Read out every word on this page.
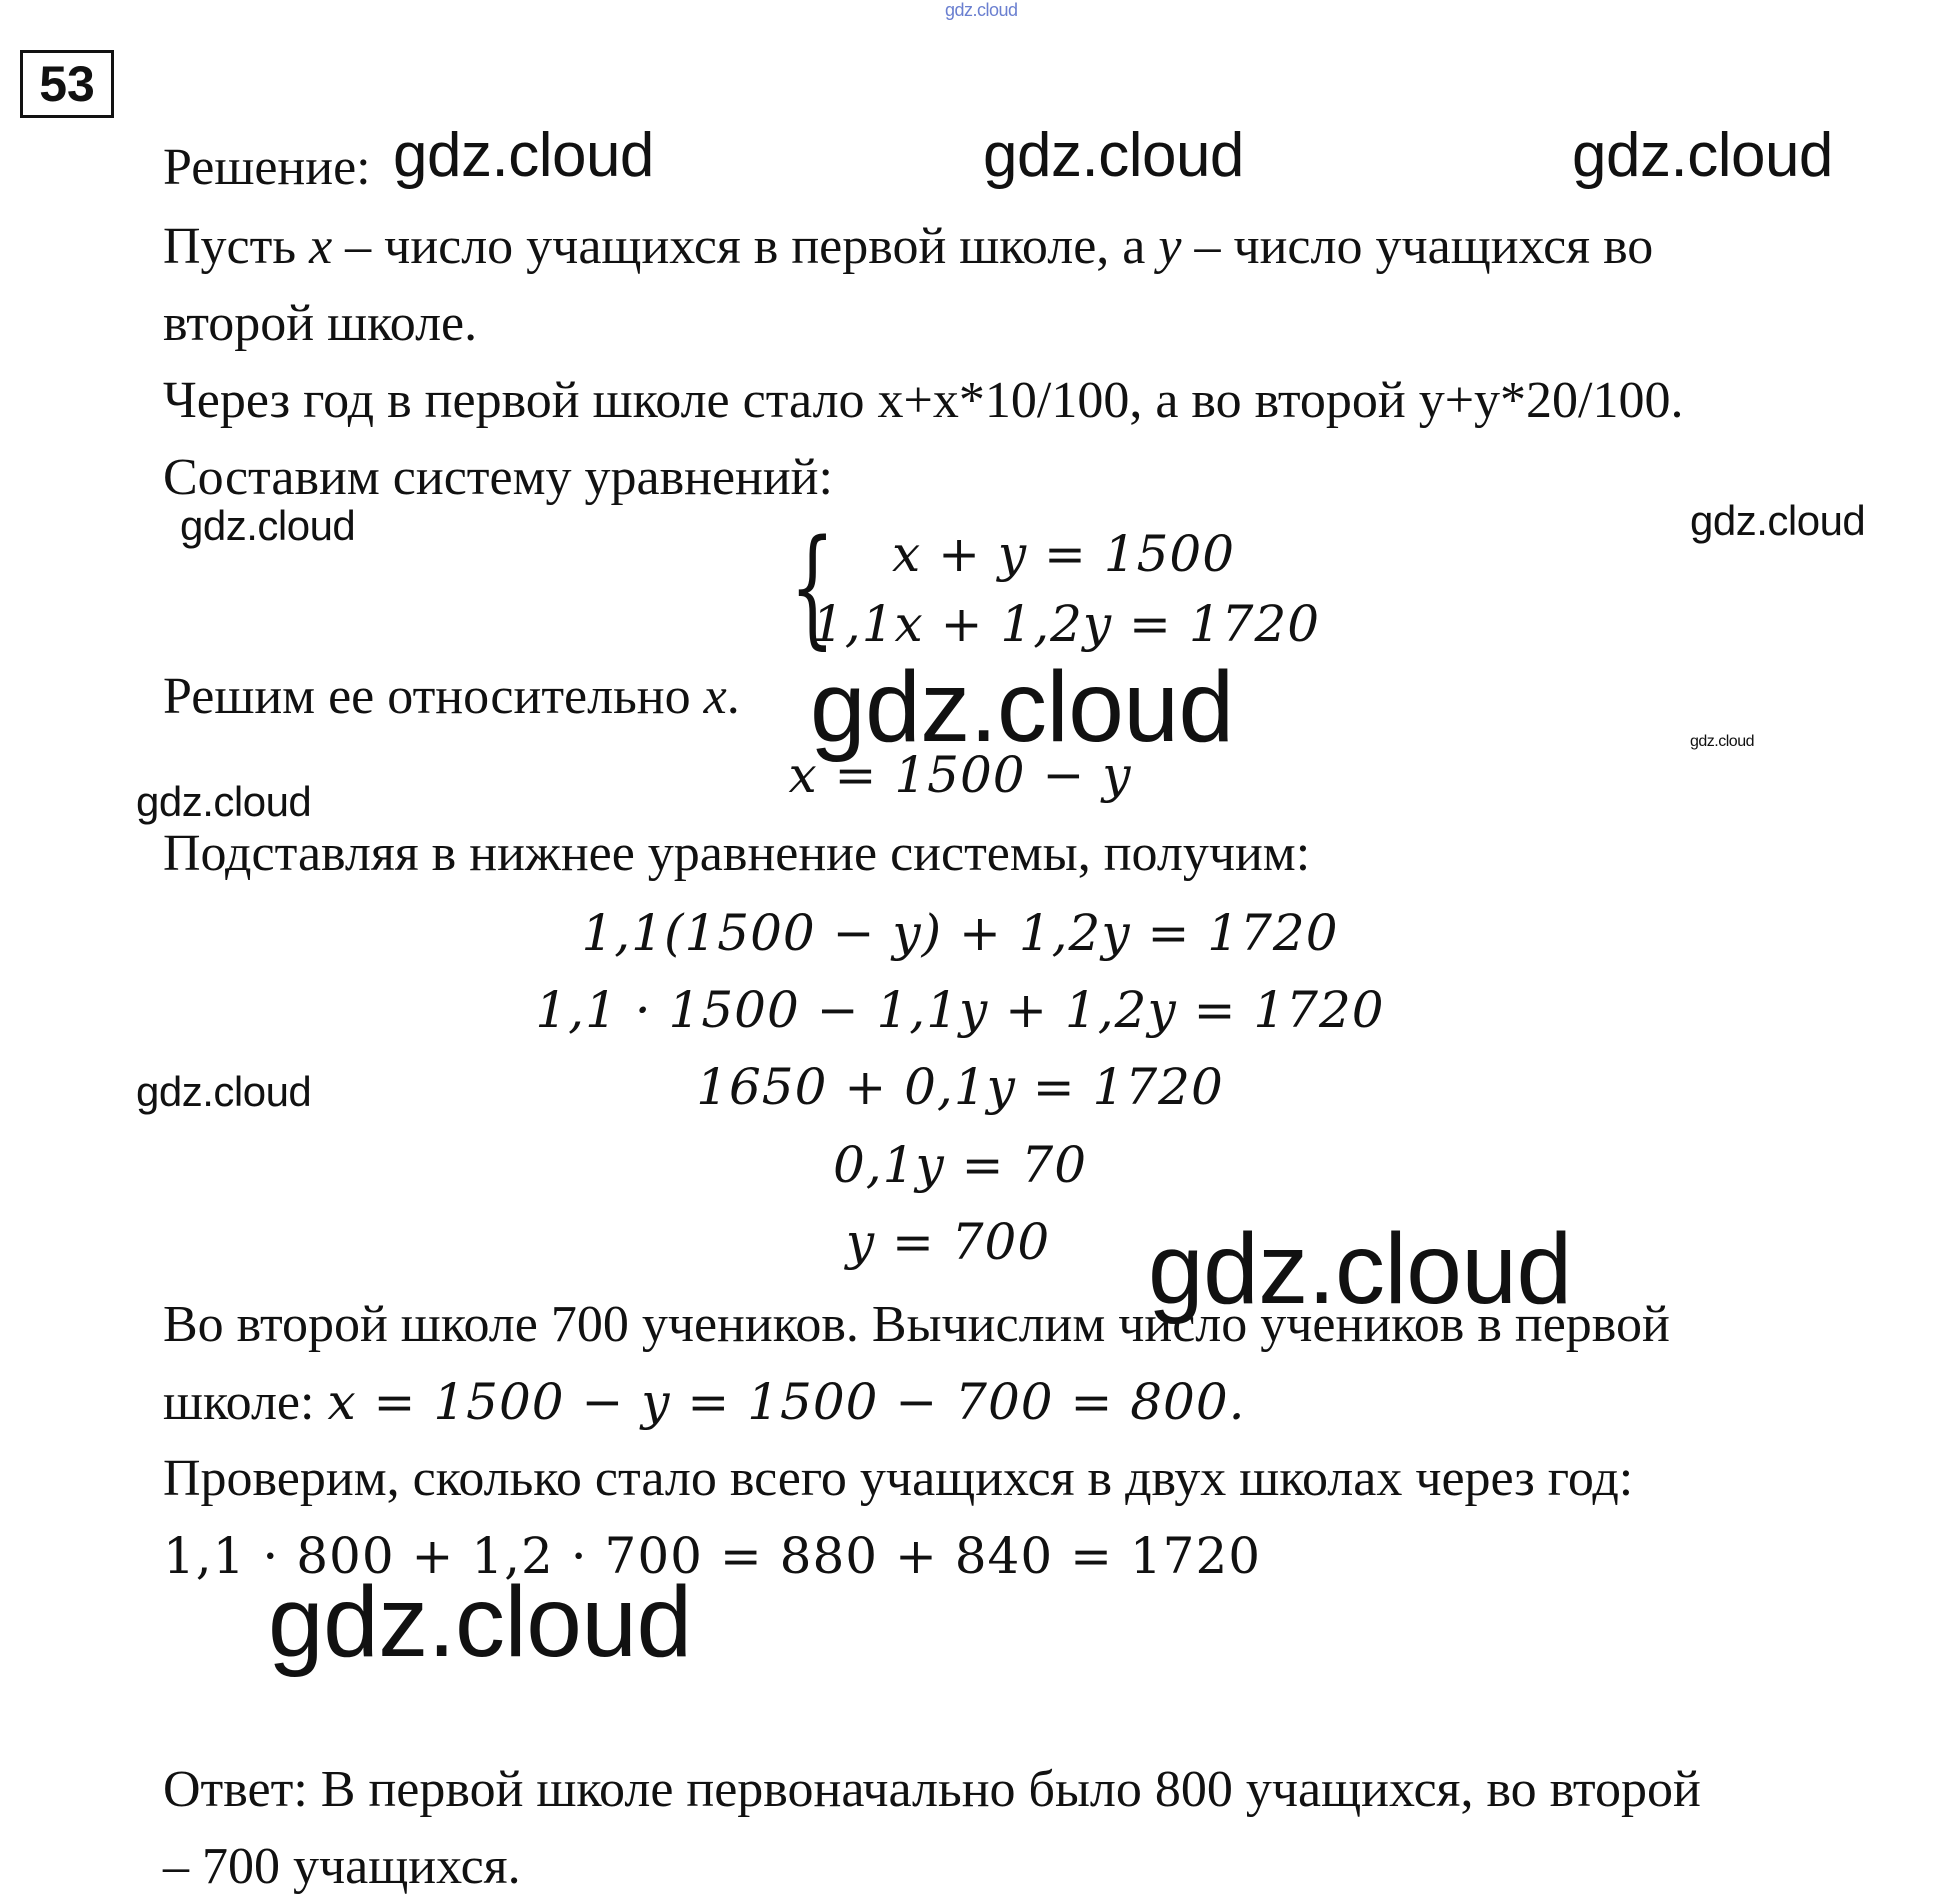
gdz.cloud
53
Решение: gdz.cloud	gdz.cloud	gdz.cloud
Пусть x – число учащихся в первой школе, а y – число учащихся во
второй школе.
Через год в первой школе стало x+x*10/100, а во второй y+y*20/100.
Составим систему уравнений:
gdz.cloud	gdz.cloud
{ x + y = 1500
1,1x + 1,2y = 1720
Решим ее относительно x. gdz.cloud	gdz.cloud
x = 1500 − y
gdz.cloud
Подставляя в нижнее уравнение системы, получим:
1,1(1500 − y) + 1,2y = 1720
1,1 · 1500 − 1,1y + 1,2y = 1720
gdz.cloud	1650 + 0,1y = 1720
0,1y = 70
y = 700 gdz.cloud
Во второй школе 700 учеников. Вычислим число учеников в первой
школе: x = 1500 − y = 1500 − 700 = 800.
Проверим, сколько стало всего учащихся в двух школах через год:
1,1 · 800 + 1,2 · 700 = 880 + 840 = 1720
gdz.cloud
Ответ: В первой школе первоначально было 800 учащихся, во второй
– 700 учащихся.
